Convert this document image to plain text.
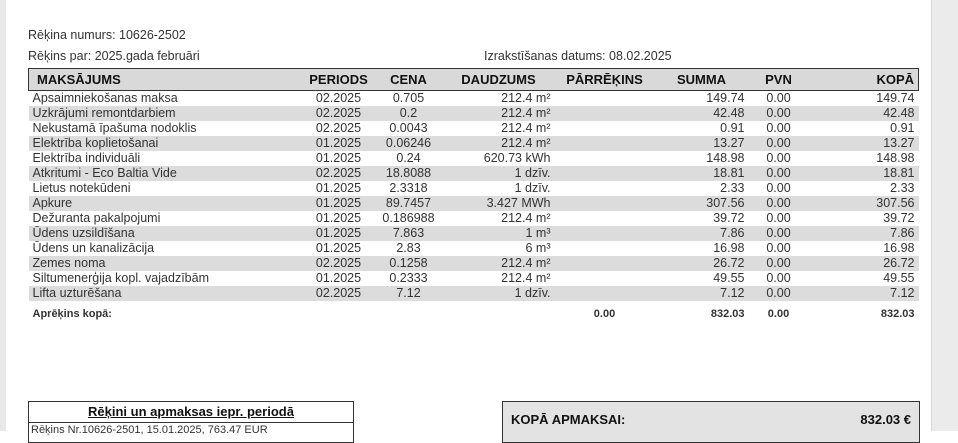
Rēķina numurs: 10626-2502
Rēķins par: 2025.gada februāri	Izrakstīšanas datums: 08.02.2025
MAKSĀJUMS	PERIODS	CENA	DAUDZUMS	PĀRRĒĶINS	SUMMA	PVN	KOPĀ
Apsaimniekošanas maksa	02.2025	0.705	212.4 m²		149.74	0.00	149.74
Uzkrājumi remontdarbiem	02.2025	0.2	212.4 m²		42.48	0.00	42.48
Nekustamā īpašuma nodoklis	02.2025	0.0043	212.4 m²		0.91	0.00	0.91
Elektrība koplietošanai	01.2025	0.06246	212.4 m²		13.27	0.00	13.27
Elektrība individuāli	01.2025	0.24	620.73 kWh		148.98	0.00	148.98
Atkritumi - Eco Baltia Vide	02.2025	18.8088	1 dzīv.		18.81	0.00	18.81
Lietus notekūdeni	01.2025	2.3318	1 dzīv.		2.33	0.00	2.33
Apkure	01.2025	89.7457	3.427 MWh		307.56	0.00	307.56
Dežuranta pakalpojumi	01.2025	0.186988	212.4 m²		39.72	0.00	39.72
Ūdens uzsildīšana	01.2025	7.863	1 m³		7.86	0.00	7.86
Ūdens un kanalizācija	01.2025	2.83	6 m³		16.98	0.00	16.98
Zemes noma	02.2025	0.1258	212.4 m²		26.72	0.00	26.72
Siltumenerģija kopl. vajadzībām	01.2025	0.2333	212.4 m²		49.55	0.00	49.55
Lifta uzturēšana	02.2025	7.12	1 dzīv.		7.12	0.00	7.12
Aprēķins kopā:				0.00	832.03	0.00	832.03
Rēķini un apmaksas iepr. periodā
Rēķins Nr.10626-2501, 15.01.2025, 763.47 EUR
KOPĀ APMAKSAI:	832.03 €
